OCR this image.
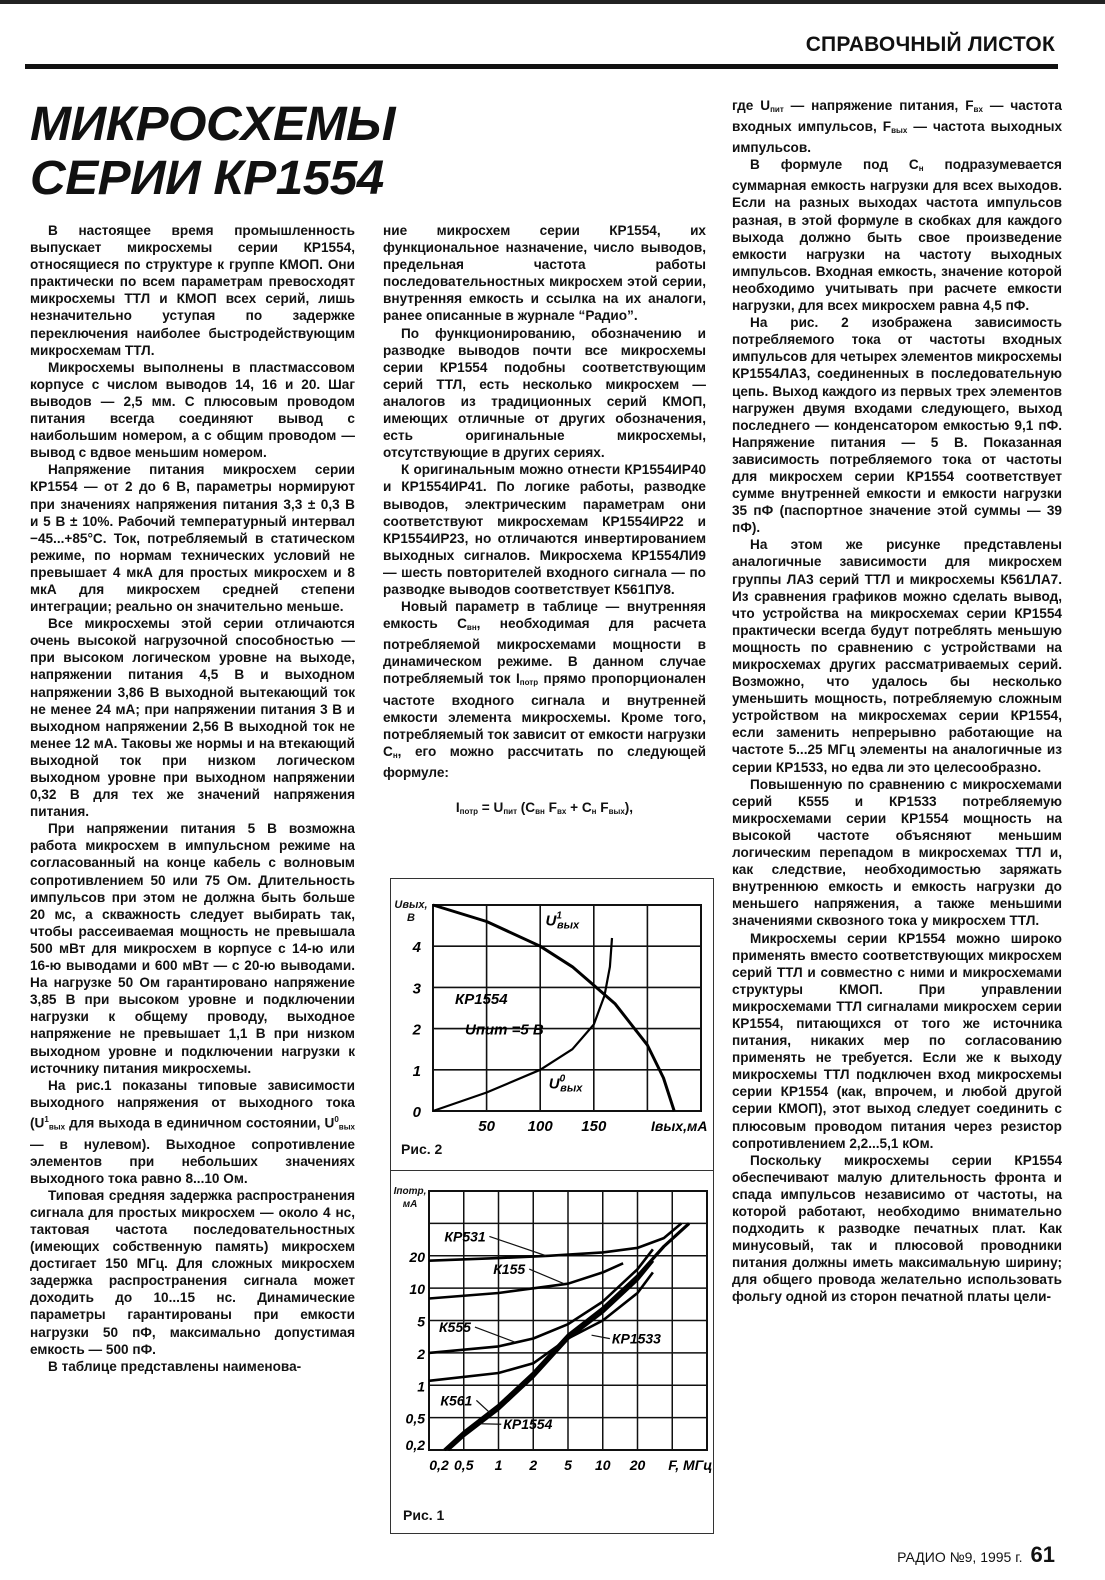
СПРАВОЧНЫЙ ЛИСТОК
МИКРОСХЕМЫ
СЕРИИ КР1554

В настоящее время промышленность выпускает микросхемы серии КР1554, относящиеся по структуре к группе КМОП. Они практически по всем параметрам превосходят микросхемы ТТЛ и КМОП всех серий, лишь незначительно уступая по задержке переключения наиболее быстродействующим микросхемам ТТЛ.

Микросхемы выполнены в пластмассовом корпусе с числом выводов 14, 16 и 20. Шаг выводов — 2,5 мм. С плюсовым проводом питания всегда соединяют вывод с наибольшим номером, а с общим проводом — вывод с вдвое меньшим номером.

Напряжение питания микросхем серии КР1554 — от 2 до 6 В, параметры нормируют при значениях напряжения питания 3,3 ± 0,3 В и 5 В ± 10%. Рабочий температурный интервал −45...+85°С. Ток, потребляемый в статическом режиме, по нормам технических условий не превышает 4 мкА для простых микросхем и 8 мкА для микросхем средней степени интеграции; реально он значительно меньше.

Все микросхемы этой серии отличаются очень высокой нагрузочной способностью — при высоком логическом уровне на выходе, напряжении питания 4,5 В и выходном напряжении 3,86 В выходной вытекающий ток не менее 24 мА; при напряжении питания 3 В и выходном напряжении 2,56 В выходной ток не менее 12 мА. Таковы же нормы и на втекающий выходной ток при низком логическом выходном уровне при выходном напряжении 0,32 В для тех же значений напряжения питания.

При напряжении питания 5 В возможна работа микросхем в импульсном режиме на согласованный на конце кабель с волновым сопротивлением 50 или 75 Ом. Длительность импульсов при этом не должна быть больше 20 мс, а скважность следует выбирать так, чтобы рассеиваемая мощность не превышала 500 мВт для микросхем в корпусе с 14-ю или 16-ю выводами и 600 мВт — с 20-ю выводами. На нагрузке 50 Ом гарантировано напряжение 3,85 В при высоком уровне и подключении нагрузки к общему проводу, выходное напряжение не превышает 1,1 В при низком выходном уровне и подключении нагрузки к источнику питания микросхемы.

На рис.1 показаны типовые зависимости выходного напряжения от выходного тока ($U^1_{вых}$ для выхода в единичном состоянии, $U^0_{вых}$ — в нулевом). Выходное сопротивление элементов при небольших значениях выходного тока равно 8...10 Ом.

Типовая средняя задержка распространения сигнала для простых микросхем — около 4 нс, тактовая частота последовательностных (имеющих собственную память) микросхем достигает 150 МГц. Для сложных микросхем задержка распространения сигнала может доходить до 10...15 нс. Динамические параметры гарантированы при емкости нагрузки 50 пФ, максимально допустимая емкость — 500 пФ.

В таблице представлены наименова-

ние микросхем серии КР1554, их функциональное назначение, число выводов, предельная частота работы последовательностных микросхем этой серии, внутренняя емкость и ссылка на их аналоги, ранее описанные в журнале “Радио”.

По функционированию, обозначению и разводке выводов почти все микросхемы серии КР1554 подобны соответствующим серий ТТЛ, есть несколько микросхем — аналогов из традиционных серий КМОП, имеющих отличные от других обозначения, есть оригинальные микросхемы, отсутствующие в других сериях.

К оригинальным можно отнести КР1554ИР40 и КР1554ИР41. По логике работы, разводке выводов, электрическим параметрам они соответствуют микросхемам КР1554ИР22 и КР1554ИР23, но отличаются инвертированием выходных сигналов. Микросхема КР1554ЛИ9 — шесть повторителей входного сигнала — по разводке выводов соответствует К561ПУ8.

Новый параметр в таблице — внутренняя емкость $С_{вн}$, необходимая для расчета потребляемой микросхемами мощности в динамическом режиме. В данном случае потребляемый ток $I_{потр}$ прямо пропорционален частоте входного сигнала и внутренней емкости элемента микросхемы. Кроме того, потребляемый ток зависит от емкости нагрузки $С_н$, его можно рассчитать по следующей формуле:

$I_{потр} = U_{пит}$ ($C_{вн}$ $F_{вх} + C_н$ $F_{вых}$),
50 100 150
0
1
2
3
4
Iвых,мА
КР1554
Uпит =5 В
$U^1$ вых
$U^0$ вых
Uвых, В
Рис. 2
0,2 0,5 1 2 5 10 20
0,2
0,5
1
2
5
10
20
F, МГц
КР531
К155
К555
КР1533
К561
КР1554
Iпотр, мА
Рис. 1

где $U_{пит}$ — напряжение питания, $F_{вх}$ — частота входных импульсов, $F_{вых}$ — частота выходных импульсов.

В формуле под $С_н$ подразумевается суммарная емкость нагрузки для всех выходов. Если на разных выходах частота импульсов разная, в этой формуле в скобках для каждого выхода должно быть свое произведение емкости нагрузки на частоту выходных импульсов. Входная емкость, значение которой необходимо учитывать при расчете емкости нагрузки, для всех микросхем равна 4,5 пФ.

На рис. 2 изображена зависимость потребляемого тока от частоты входных импульсов для четырех элементов микросхемы КР1554ЛА3, соединенных в последовательную цепь. Выход каждого из первых трех элементов нагружен двумя входами следующего, выход последнего — конденсатором емкостью 9,1 пФ. Напряжение питания — 5 В. Показанная зависимость потребляемого тока от частоты для микросхем серии КР1554 соответствует сумме внутренней емкости и емкости нагрузки 35 пФ (паспортное значение этой суммы — 39 пФ).

На этом же рисунке представлены аналогичные зависимости для микросхем группы ЛА3 серий ТТЛ и микросхемы К561ЛА7. Из сравнения графиков можно сделать вывод, что устройства на микросхемах серии КР1554 практически всегда будут потреблять меньшую мощность по сравнению с устройствами на микросхемах других рассматриваемых серий. Возможно, что удалось бы несколько уменьшить мощность, потребляемую сложным устройством на микросхемах серии КР1554, если заменить непрерывно работающие на частоте 5...25 МГц элементы на аналогичные из серии КР1533, но едва ли это целесообразно.

Повышенную по сравнению с микросхемами серий К555 и КР1533 потребляемую микросхемами серии КР1554 мощность на высокой частоте объясняют меньшим логическим перепадом в микросхемах ТТЛ и, как следствие, необходимостью заряжать внутреннюю емкость и емкость нагрузки до меньшего напряжения, а также меньшими значениями сквозного тока у микросхем ТТЛ.

Микросхемы серии КР1554 можно широко применять вместо соответствующих микросхем серий ТТЛ и совместно с ними и микросхемами структуры КМОП. При управлении микросхемами ТТЛ сигналами микросхем серии КР1554, питающихся от того же источника питания, никаких мер по согласованию применять не требуется. Если же к выходу микросхемы ТТЛ подключен вход микросхемы серии КР1554 (как, впрочем, и любой другой серии КМОП), этот выход следует соединить с плюсовым проводом питания через резистор сопротивлением 2,2...5,1 кОм.

Поскольку микросхемы серии КР1554 обеспечивают малую длительность фронта и спада импульсов независимо от частоты, на которой работают, необходимо внимательно подходить к разводке печатных плат. Как минусовый, так и плюсовой проводники питания должны иметь максимальную ширину; для общего провода желательно использовать фольгу одной из сторон печатной платы цели-

РАДИО №9, 1995 г. 61
